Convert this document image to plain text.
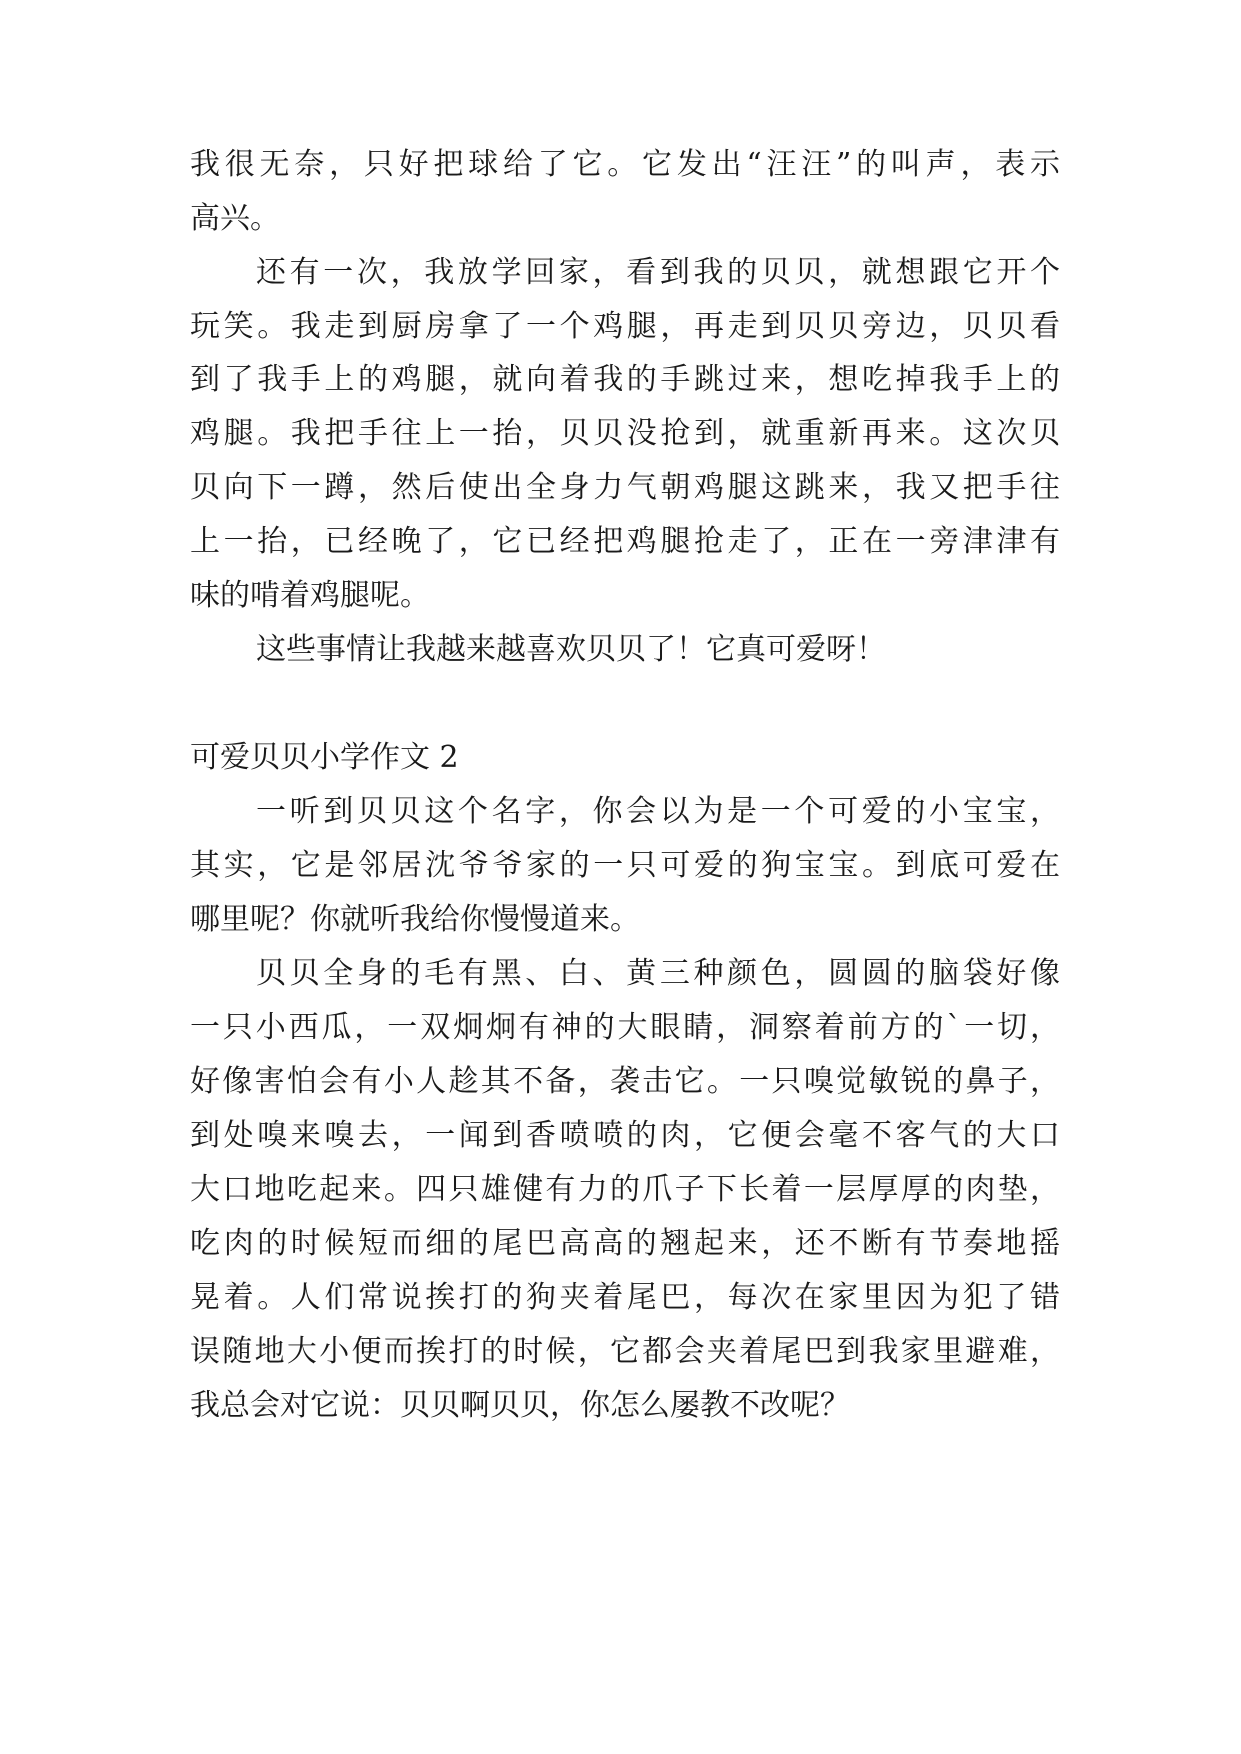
我很无奈，只好把球给了它。它发出“汪汪”的叫声，表示
高兴。
还有一次，我放学回家，看到我的贝贝，就想跟它开个
玩笑。我走到厨房拿了一个鸡腿，再走到贝贝旁边，贝贝看
到了我手上的鸡腿，就向着我的手跳过来，想吃掉我手上的
鸡腿。我把手往上一抬，贝贝没抢到，就重新再来。这次贝
贝向下一蹲，然后使出全身力气朝鸡腿这跳来，我又把手往
上一抬，已经晚了，它已经把鸡腿抢走了，正在一旁津津有
味的啃着鸡腿呢。
这些事情让我越来越喜欢贝贝了！它真可爱呀！
可爱贝贝小学作文 2
一听到贝贝这个名字，你会以为是一个可爱的小宝宝，
其实，它是邻居沈爷爷家的一只可爱的狗宝宝。到底可爱在
哪里呢？你就听我给你慢慢道来。
贝贝全身的毛有黑、白、黄三种颜色，圆圆的脑袋好像
一只小西瓜，一双炯炯有神的大眼睛，洞察着前方的`一切，
好像害怕会有小人趁其不备，袭击它。一只嗅觉敏锐的鼻子，
到处嗅来嗅去，一闻到香喷喷的肉，它便会毫不客气的大口
大口地吃起来。四只雄健有力的爪子下长着一层厚厚的肉垫，
吃肉的时候短而细的尾巴高高的翘起来，还不断有节奏地摇
晃着。人们常说挨打的狗夹着尾巴，每次在家里因为犯了错
误随地大小便而挨打的时候，它都会夹着尾巴到我家里避难，
我总会对它说：贝贝啊贝贝，你怎么屡教不改呢？
